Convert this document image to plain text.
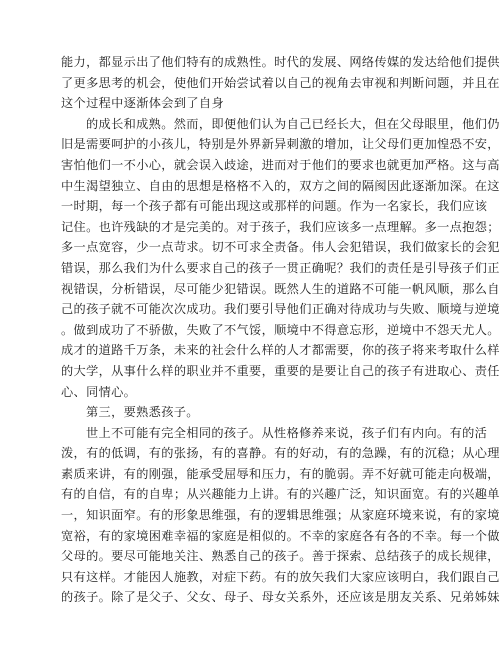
能力，都显示出了他们特有的成熟性。时代的发展、网络传媒的发达给他们提供
了更多思考的机会，使他们开始尝试着以自己的视角去审视和判断问题，并且在
这个过程中逐渐体会到了自身
的成长和成熟。然而，即便他们认为自己已经长大，但在父母眼里，他们仍
旧是需要呵护的小孩儿，特别是外界新异刺激的增加，让父母们更加惶恐不安，
害怕他们一不小心，就会误入歧途，进而对于他们的要求也就更加严格。这与高
中生渴望独立、自由的思想是格格不入的，双方之间的隔阂因此逐渐加深。在这
一时期，每一个孩子都有可能出现这或那样的问题。作为一名家长，我们应该
记住。也许残缺的才是完美的。对于孩子，我们应该多一点理解。多一点抱怨；
多一点宽容，少一点苛求。切不可求全责备。伟人会犯错误，我们做家长的会犯
错误，那么我们为什么要求自己的孩子一贯正确呢？我们的责任是引导孩子们正
视错误，分析错误，尽可能少犯错误。既然人生的道路不可能一帆风顺，那么自
己的孩子就不可能次次成功。我们要引导他们正确对待成功与失败、顺境与逆境
。做到成功了不骄傲，失败了不气馁，顺境中不得意忘形，逆境中不怨天尤人。
成才的道路千万条，未来的社会什么样的人才都需要，你的孩子将来考取什么样
的大学，从事什么样的职业并不重要，重要的是要让自己的孩子有进取心、责任
心、同情心。
第三，要熟悉孩子。
世上不可能有完全相同的孩子。从性格修养来说，孩子们有内向。有的活
泼，有的低调，有的张扬，有的喜静。有的好动，有的急躁，有的沉稳；从心理
素质来讲，有的刚强，能承受屈辱和压力，有的脆弱。弄不好就可能走向极端，
有的自信，有的自卑；从兴趣能力上讲。有的兴趣广泛，知识面宽。有的兴趣单
一，知识面窄。有的形象思维强，有的逻辑思维强；从家庭环境来说，有的家境
宽裕，有的家境困难幸福的家庭是相似的。不幸的家庭各有各的不幸。每一个做
父母的。要尽可能地关注、熟悉自己的孩子。善于探索、总结孩子的成长规律，
只有这样。才能因人施教，对症下药。有的放矢我们大家应该明白，我们跟自己
的孩子。除了是父子、父女、母子、母女关系外，还应该是朋友关系、兄弟姊妹
